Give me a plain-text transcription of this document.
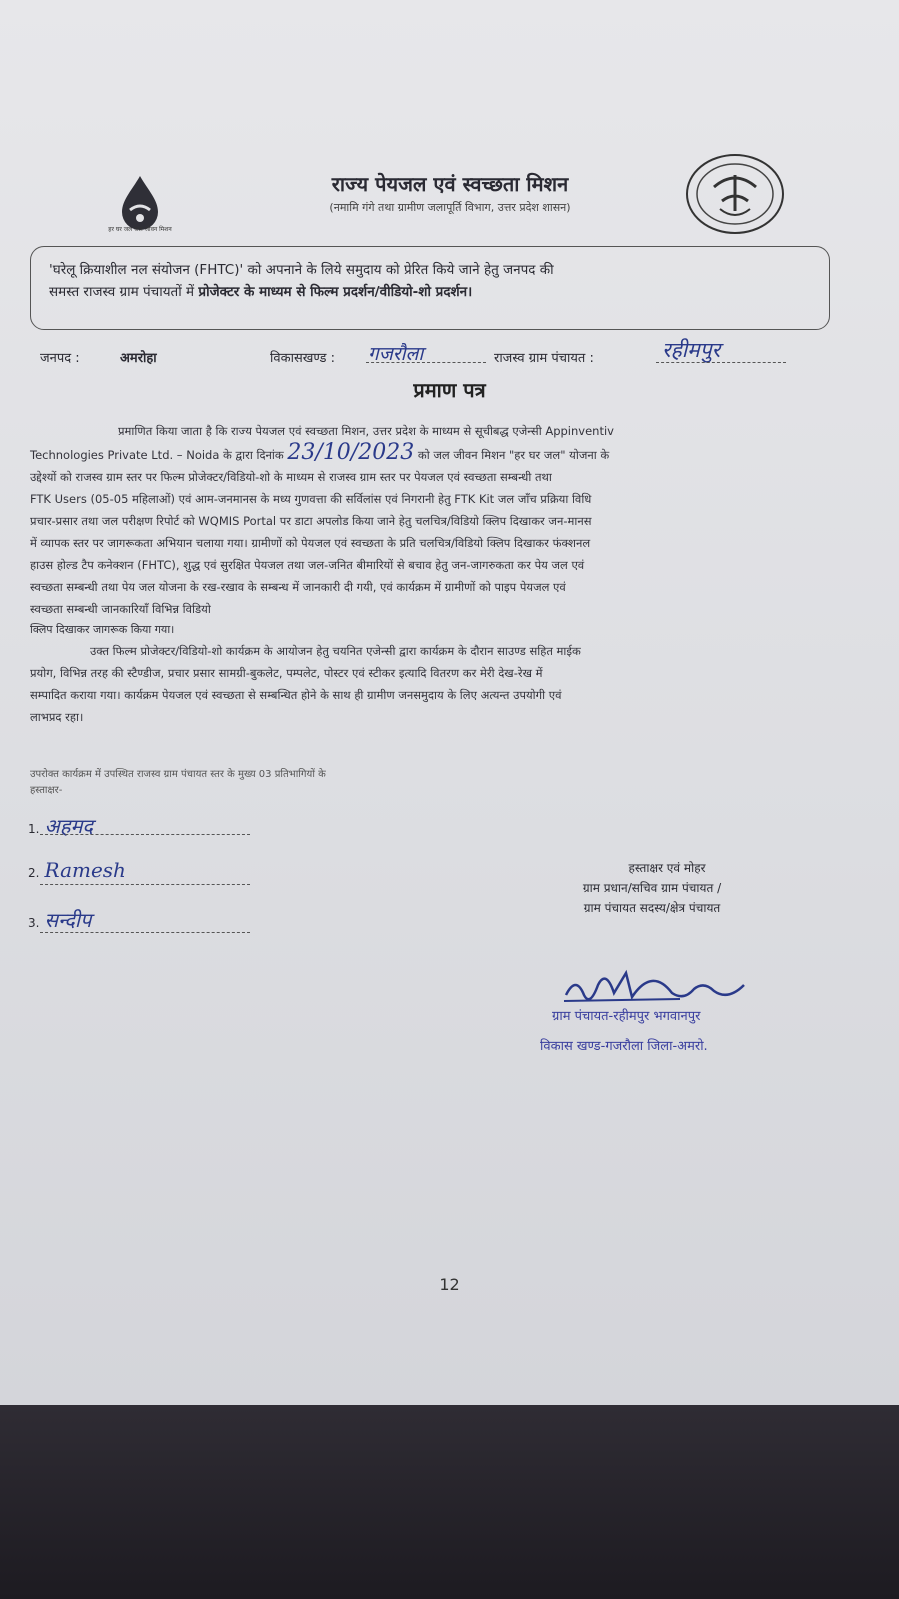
हर घर जल जल जीवन मिशन
राज्य पेयजल एवं स्वच्छता मिशन
(नमामि गंगे तथा ग्रामीण जलापूर्ति विभाग, उत्तर प्रदेश शासन)
'घरेलू क्रियाशील नल संयोजन (FHTC)' को अपनाने के लिये समुदाय को प्रेरित किये जाने हेतु जनपद की
समस्त राजस्व ग्राम पंचायतों में प्रोजेक्टर के माध्यम से फिल्म प्रदर्शन/वीडियो-शो प्रदर्शन।
जनपद :	अमरोहा	विकासखण्ड : गजरौला	राजस्व ग्राम पंचायत :	रहीमपुर
प्रमाण पत्र
प्रमाणित किया जाता है कि राज्य पेयजल एवं स्वच्छता मिशन, उत्तर प्रदेश के माध्यम से सूचीबद्ध एजेन्सी Appinventiv
Technologies Private Ltd. – Noida के द्वारा दिनांक 23/10/2023 को जल जीवन मिशन "हर घर जल" योजना के
उद्देश्यों को राजस्व ग्राम स्तर पर फिल्म प्रोजेक्टर/विडियो-शो के माध्यम से राजस्व ग्राम स्तर पर पेयजल एवं स्वच्छता सम्बन्धी तथा
FTK Users (05-05 महिलाओं) एवं आम-जनमानस के मध्य गुणवत्ता की सर्विलांस एवं निगरानी हेतु FTK Kit जल जाँच प्रक्रिया विधि
प्रचार-प्रसार तथा जल परीक्षण रिपोर्ट को WQMIS Portal पर डाटा अपलोड किया जाने हेतु चलचित्र/विडियो क्लिप दिखाकर जन-मानस
में व्यापक स्तर पर जागरूकता अभियान चलाया गया। ग्रामीणों को पेयजल एवं स्वच्छता के प्रति चलचित्र/विडियो क्लिप दिखाकर फंक्शनल
हाउस होल्ड टैप कनेक्शन (FHTC), शुद्ध एवं सुरक्षित पेयजल तथा जल-जनित बीमारियों से बचाव हेतु जन-जागरुकता कर पेय जल एवं
स्वच्छता सम्बन्धी तथा पेय जल योजना के रख-रखाव के सम्बन्ध में जानकारी दी गयी, एवं कार्यक्रम में ग्रामीणों को पाइप पेयजल एवं
स्वच्छता सम्बन्धी जानकारियाँ विभिन्न विडियो
क्लिप दिखाकर जागरूक किया गया।
उक्त फिल्म प्रोजेक्टर/विडियो-शो कार्यक्रम के आयोजन हेतु चयनित एजेन्सी द्वारा कार्यक्रम के दौरान साउण्ड सहित माईक
प्रयोग, विभिन्न तरह की स्टैण्डीज, प्रचार प्रसार सामग्री-बुकलेट, पम्पलेट, पोस्टर एवं स्टीकर इत्यादि वितरण कर मेरी देख-रेख में
सम्पादित कराया गया। कार्यक्रम पेयजल एवं स्वच्छता से सम्बन्धित होने के साथ ही ग्रामीण जनसमुदाय के लिए अत्यन्त उपयोगी एवं
लाभप्रद रहा।
उपरोक्त कार्यक्रम में उपस्थित राजस्व ग्राम पंचायत स्तर के मुख्य 03 प्रतिभागियों के
हस्ताक्षर-
1. अहमद
2. Ramesh
3. सन्दीप
हस्ताक्षर एवं मोहर
ग्राम प्रधान/सचिव ग्राम पंचायत /
ग्राम पंचायत सदस्य/क्षेत्र पंचायत
ग्राम पंचायत-रहीमपुर भगवानपुर
विकास खण्ड-गजरौला जिला-अमरो.
12
